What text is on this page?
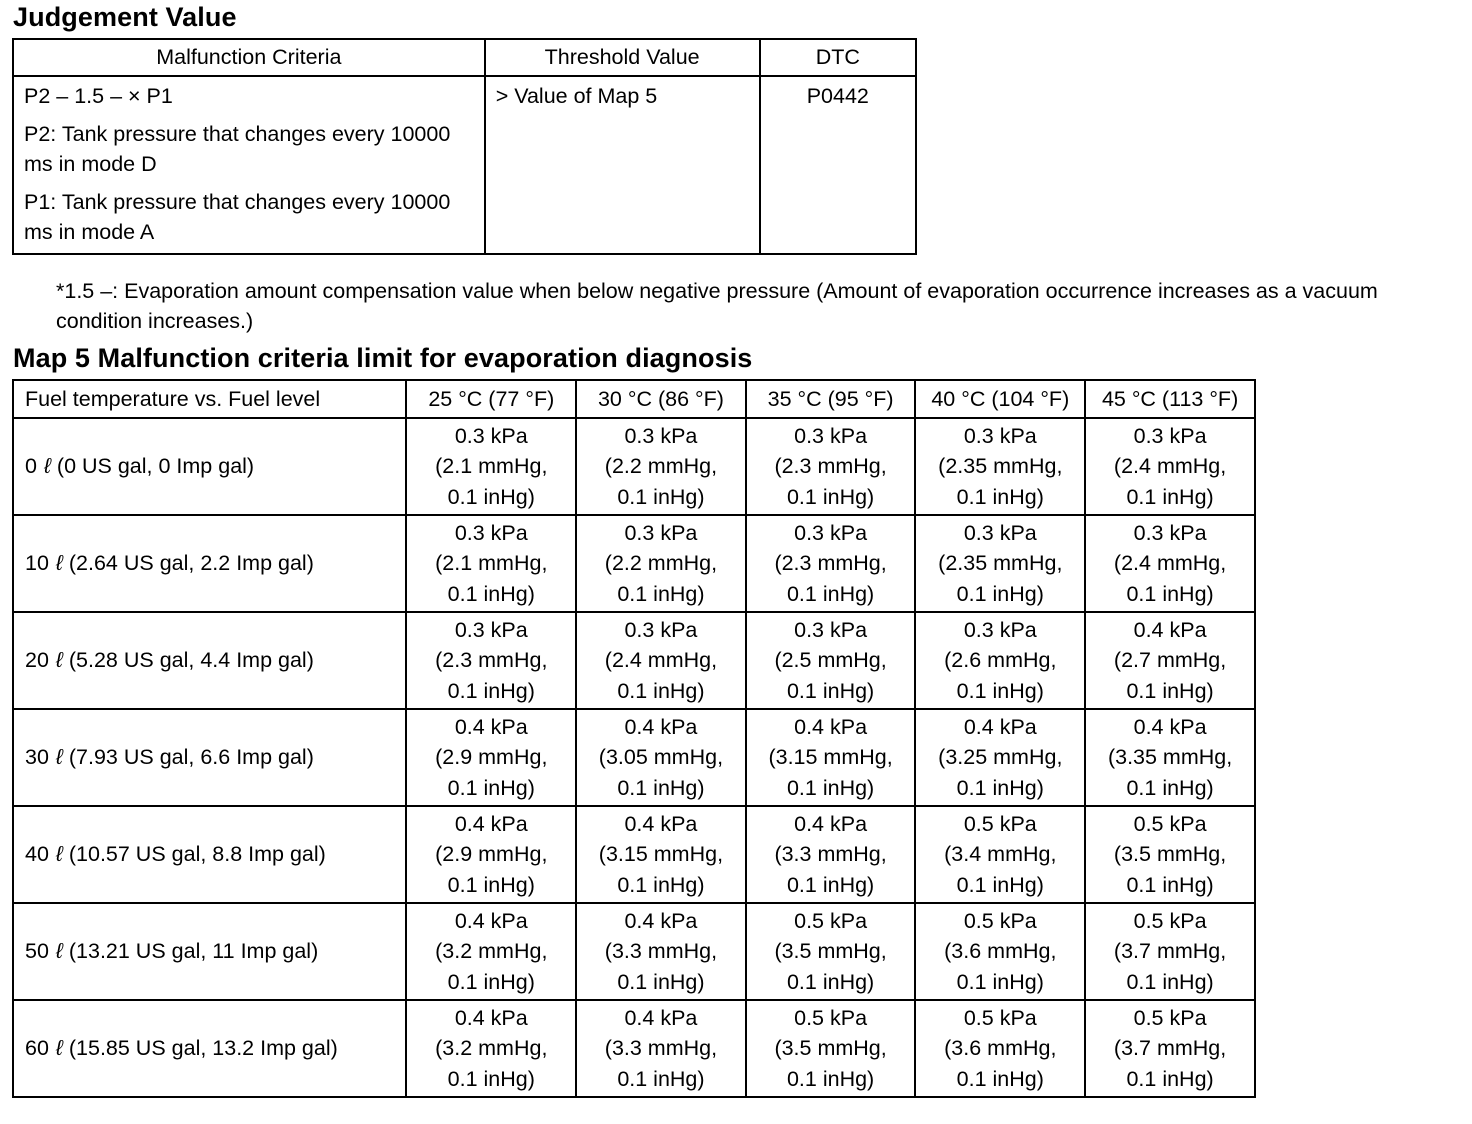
Judgement Value
Malfunction Criteria	Threshold Value	DTC

P2 – 1.5 – × P1

P2: Tank pressure that changes every 10000 ms in mode D

P1: Tank pressure that changes every 10000 ms in mode A	> Value of Map 5	P0442

*1.5 –: Evaporation amount compensation value when below negative pressure (Amount of evaporation occurrence increases as a vacuum condition increases.)

Map 5 Malfunction criteria limit for evaporation diagnosis
Fuel temperature vs. Fuel level	25 °C (77 °F)	30 °C (86 °F)	35 °C (95 °F)	40 °C (104 °F)	45 °C (113 °F)
0 ℓ (0 US gal, 0 Imp gal)	0.3 kPa
(2.1 mmHg,
0.1 inHg)	0.3 kPa
(2.2 mmHg,
0.1 inHg)	0.3 kPa
(2.3 mmHg,
0.1 inHg)	0.3 kPa
(2.35 mmHg,
0.1 inHg)	0.3 kPa
(2.4 mmHg,
0.1 inHg)
10 ℓ (2.64 US gal, 2.2 Imp gal)	0.3 kPa
(2.1 mmHg,
0.1 inHg)	0.3 kPa
(2.2 mmHg,
0.1 inHg)	0.3 kPa
(2.3 mmHg,
0.1 inHg)	0.3 kPa
(2.35 mmHg,
0.1 inHg)	0.3 kPa
(2.4 mmHg,
0.1 inHg)
20 ℓ (5.28 US gal, 4.4 Imp gal)	0.3 kPa
(2.3 mmHg,
0.1 inHg)	0.3 kPa
(2.4 mmHg,
0.1 inHg)	0.3 kPa
(2.5 mmHg,
0.1 inHg)	0.3 kPa
(2.6 mmHg,
0.1 inHg)	0.4 kPa
(2.7 mmHg,
0.1 inHg)
30 ℓ (7.93 US gal, 6.6 Imp gal)	0.4 kPa
(2.9 mmHg,
0.1 inHg)	0.4 kPa
(3.05 mmHg,
0.1 inHg)	0.4 kPa
(3.15 mmHg,
0.1 inHg)	0.4 kPa
(3.25 mmHg,
0.1 inHg)	0.4 kPa
(3.35 mmHg,
0.1 inHg)
40 ℓ (10.57 US gal, 8.8 Imp gal)	0.4 kPa
(2.9 mmHg,
0.1 inHg)	0.4 kPa
(3.15 mmHg,
0.1 inHg)	0.4 kPa
(3.3 mmHg,
0.1 inHg)	0.5 kPa
(3.4 mmHg,
0.1 inHg)	0.5 kPa
(3.5 mmHg,
0.1 inHg)
50 ℓ (13.21 US gal, 11 Imp gal)	0.4 kPa
(3.2 mmHg,
0.1 inHg)	0.4 kPa
(3.3 mmHg,
0.1 inHg)	0.5 kPa
(3.5 mmHg,
0.1 inHg)	0.5 kPa
(3.6 mmHg,
0.1 inHg)	0.5 kPa
(3.7 mmHg,
0.1 inHg)
60 ℓ (15.85 US gal, 13.2 Imp gal)	0.4 kPa
(3.2 mmHg,
0.1 inHg)	0.4 kPa
(3.3 mmHg,
0.1 inHg)	0.5 kPa
(3.5 mmHg,
0.1 inHg)	0.5 kPa
(3.6 mmHg,
0.1 inHg)	0.5 kPa
(3.7 mmHg,
0.1 inHg)
